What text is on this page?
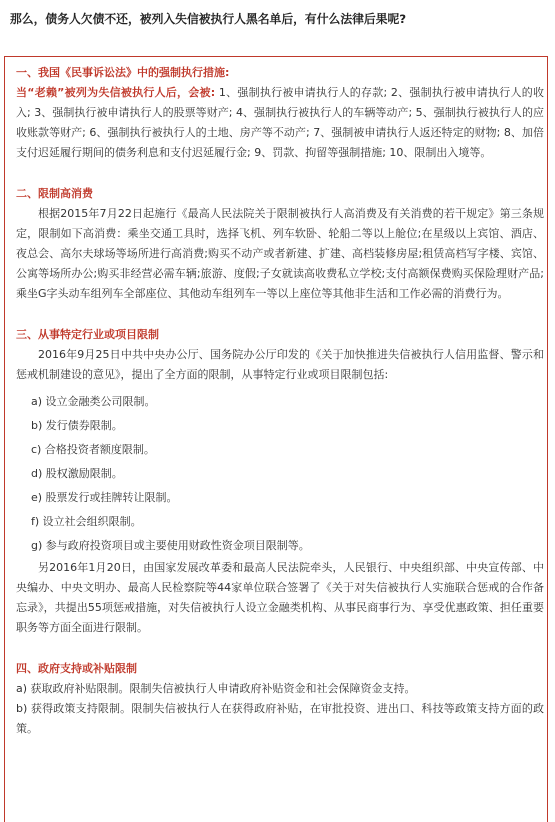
那么，债务人欠债不还，被列入失信被执行人黑名单后，有什么法律后果呢?

一、我国《民事诉讼法》中的强制执行措施:

当“老赖”被列为失信被执行人后，会被: 1、强制执行被申请执行人的存款; 2、强制执行被申请执行人的收入; 3、强制执行被申请执行人的股票等财产; 4、强制执行被执行人的车辆等动产; 5、强制执行被执行人的应收账款等财产; 6、强制执行被执行人的土地、房产等不动产; 7、强制被申请执行人返还特定的财物; 8、加倍支付迟延履行期间的债务利息和支付迟延履行金; 9、罚款、拘留等强制措施; 10、限制出入境等。

二、限制高消费

根据2015年7月22日起施行《最高人民法院关于限制被执行人高消费及有关消费的若干规定》第三条规定，限制如下高消费：乘坐交通工具时，选择飞机、列车软卧、轮船二等以上舱位;在星级以上宾馆、酒店、夜总会、高尔夫球场等场所进行高消费;购买不动产或者新建、扩建、高档装修房屋;租赁高档写字楼、宾馆、公寓等场所办公;购买非经营必需车辆;旅游、度假;子女就读高收费私立学校;支付高额保费购买保险理财产品;乘坐G字头动车组列车全部座位、其他动车组列车一等以上座位等其他非生活和工作必需的消费行为。

三、从事特定行业或项目限制

2016年9月25日中共中央办公厅、国务院办公厅印发的《关于加快推进失信被执行人信用监督、警示和惩戒机制建设的意见》，提出了全方面的限制，从事特定行业或项目限制包括:

a) 设立金融类公司限制。

b) 发行债券限制。

c) 合格投资者额度限制。

d) 股权激励限制。

e) 股票发行或挂牌转让限制。

f) 设立社会组织限制。

g) 参与政府投资项目或主要使用财政性资金项目限制等。

另2016年1月20日，由国家发展改革委和最高人民法院牵头，人民银行、中央组织部、中央宣传部、中央编办、中央文明办、最高人民检察院等44家单位联合签署了《关于对失信被执行人实施联合惩戒的合作备忘录》，共提出55项惩戒措施，对失信被执行人设立金融类机构、从事民商事行为、享受优惠政策、担任重要职务等方面全面进行限制。

四、政府支持或补贴限制

a) 获取政府补贴限制。限制失信被执行人申请政府补贴资金和社会保障资金支持。

b) 获得政策支持限制。限制失信被执行人在获得政府补贴，在审批投资、进出口、科技等政策支持方面的政策。
